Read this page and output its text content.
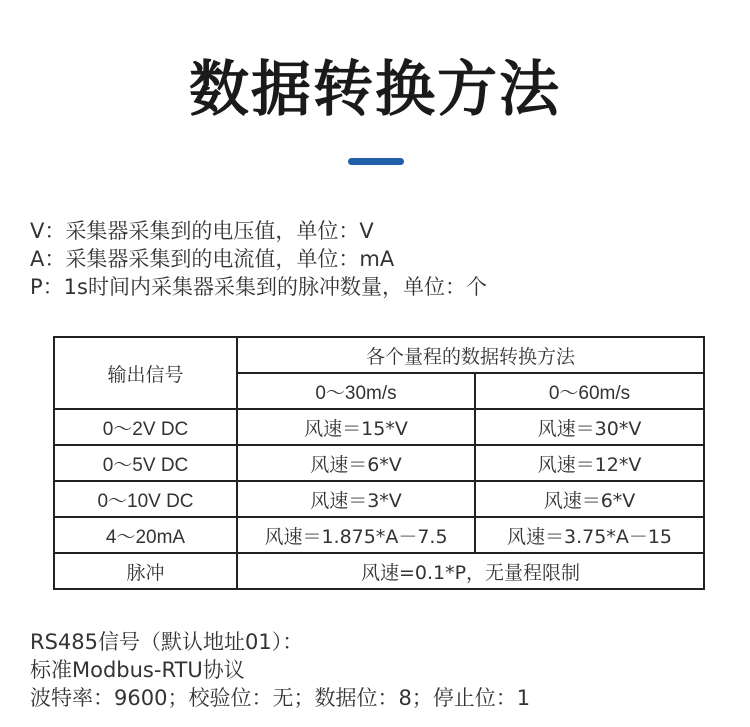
数据转换方法
V：采集器采集到的电压值，单位：V
A：采集器采集到的电流值，单位：mA
P：1s时间内采集器采集到的脉冲数量，单位：个
输出信号	各个量程的数据转换方法	
	0～30m/s	0～60m/s
0～2V DC	风速＝15*V	风速＝30*V
0～5V DC	风速＝6*V	风速＝12*V
0～10V DC	风速＝3*V	风速＝6*V
4～20mA	风速＝1.875*A－7.5	风速＝3.75*A－15
脉冲	风速=0.1*P，无量程限制	
RS485信号（默认地址01）：
标准Modbus-RTU协议
波特率：9600；校验位：无；数据位：8；停止位：1
